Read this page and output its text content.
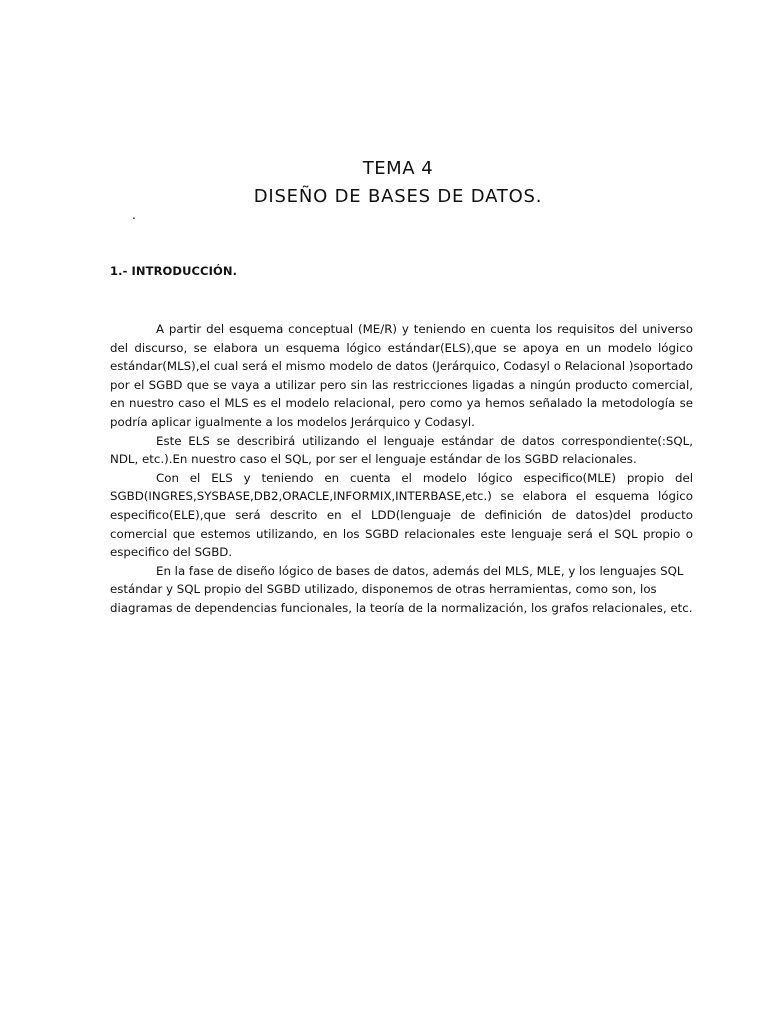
TEMA 4
DISEÑO DE BASES DE DATOS.
.
1.- INTRODUCCIÓN.

A partir del esquema conceptual (ME/R) y teniendo en cuenta los requisitos del universo del discurso, se elabora un esquema lógico estándar(ELS),que se apoya en un modelo lógico estándar(MLS),el cual será el mismo modelo de datos (Jerárquico, Codasyl o Relacional )soportado por el SGBD que se vaya a utilizar pero sin las restricciones ligadas a ningún producto comercial, en nuestro caso el MLS es el modelo relacional, pero como ya hemos señalado la metodología se podría aplicar igualmente a los modelos Jerárquico y Codasyl.

Este ELS se describirá utilizando el lenguaje estándar de datos correspondiente(:SQL, NDL, etc.).En nuestro caso el SQL, por ser el lenguaje estándar de los SGBD relacionales.

Con el ELS y teniendo en cuenta el modelo lógico especifico(MLE) propio del SGBD(INGRES,SYSBASE,DB2,ORACLE,INFORMIX,INTERBASE,etc.) se elabora el esquema lógico especifico(ELE),que será descrito en el LDD(lenguaje de definición de datos)del producto comercial que estemos utilizando, en los SGBD relacionales este lenguaje será el SQL propio o especifico del SGBD.

En la fase de diseño lógico de bases de datos, además del MLS, MLE, y los lenguajes SQL estándar y SQL propio del SGBD utilizado, disponemos de otras herramientas, como son, los diagramas de dependencias funcionales, la teoría de la normalización, los grafos relacionales, etc.
